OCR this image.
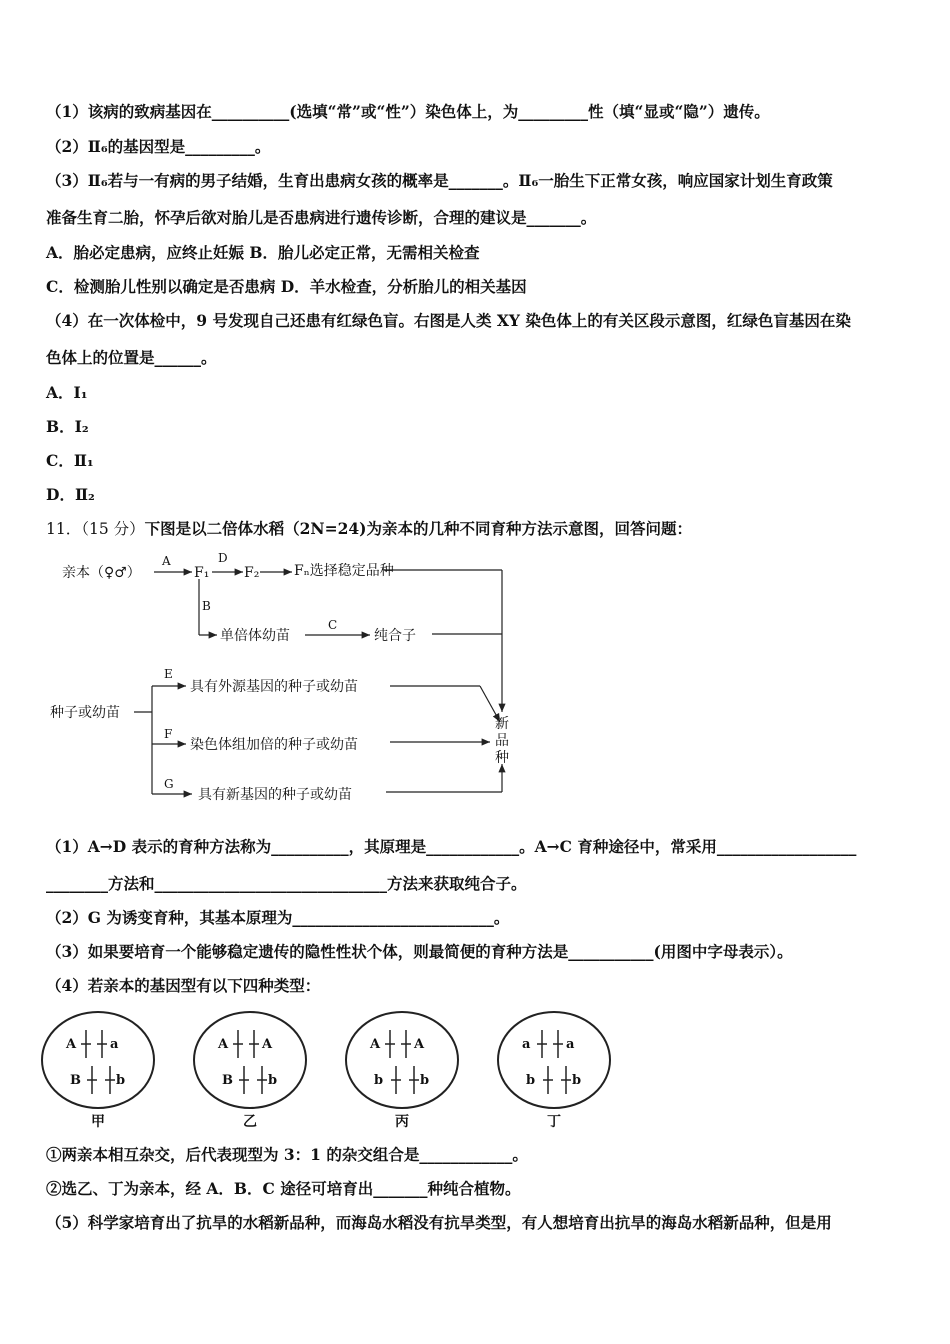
（1）该病的致病基因在__________(选填“常”或“性”）染色体上，为_________性（填“显或“隐”）遗传。
（2）Ⅱ₆的基因型是_________。
（3）Ⅱ₆若与一有病的男子结婚，生育出患病女孩的概率是_______。Ⅱ₆一胎生下正常女孩，响应国家计划生育政策
准备生育二胎，怀孕后欲对胎儿是否患病进行遗传诊断，合理的建议是_______。
A．胎必定患病，应终止妊娠 B．胎儿必定正常，无需相关检查
C．检测胎儿性别以确定是否患病 D．羊水检查，分析胎儿的相关基因
（4）在一次体检中，9 号发现自己还患有红绿色盲。右图是人类 XY 染色体上的有关区段示意图，红绿色盲基因在染
色体上的位置是______。
A．I₁
B．I₂
C．Ⅱ₁
D．Ⅱ₂
11．（15 分）下图是以二倍体水稻（2N=24)为亲本的几种不同育种方法示意图，回答问题：
亲本（♀♂）
A
F₁
D
F₂ Fₙ选择稳定品种
B
单倍体幼苗
C
纯合子
种子或幼苗
E
具有外源基因的种子或幼苗
F
染色体组加倍的种子或幼苗
G
具有新基因的种子或幼苗
新
品
种
（1）A→D 表示的育种方法称为__________，其原理是____________。A→C 育种途径中，常采用__________________
________方法和______________________________方法来获取纯合子。
（2）G 为诱变育种，其基本原理为__________________________。
（3）如果要培育一个能够稳定遗传的隐性性状个体，则最简便的育种方法是___________(用图中字母表示）。
（4）若亲本的基因型有以下四种类型：
A	a
B	b
甲
A	A
B	b
乙
A	A
b	b
丙
a	a
b	b
丁
①两亲本相互杂交，后代表现型为 3：1 的杂交组合是____________。
②选乙、丁为亲本，经 A．B．C 途径可培育出_______种纯合植物。
（5）科学家培育出了抗旱的水稻新品种，而海岛水稻没有抗旱类型，有人想培育出抗旱的海岛水稻新品种，但是用
